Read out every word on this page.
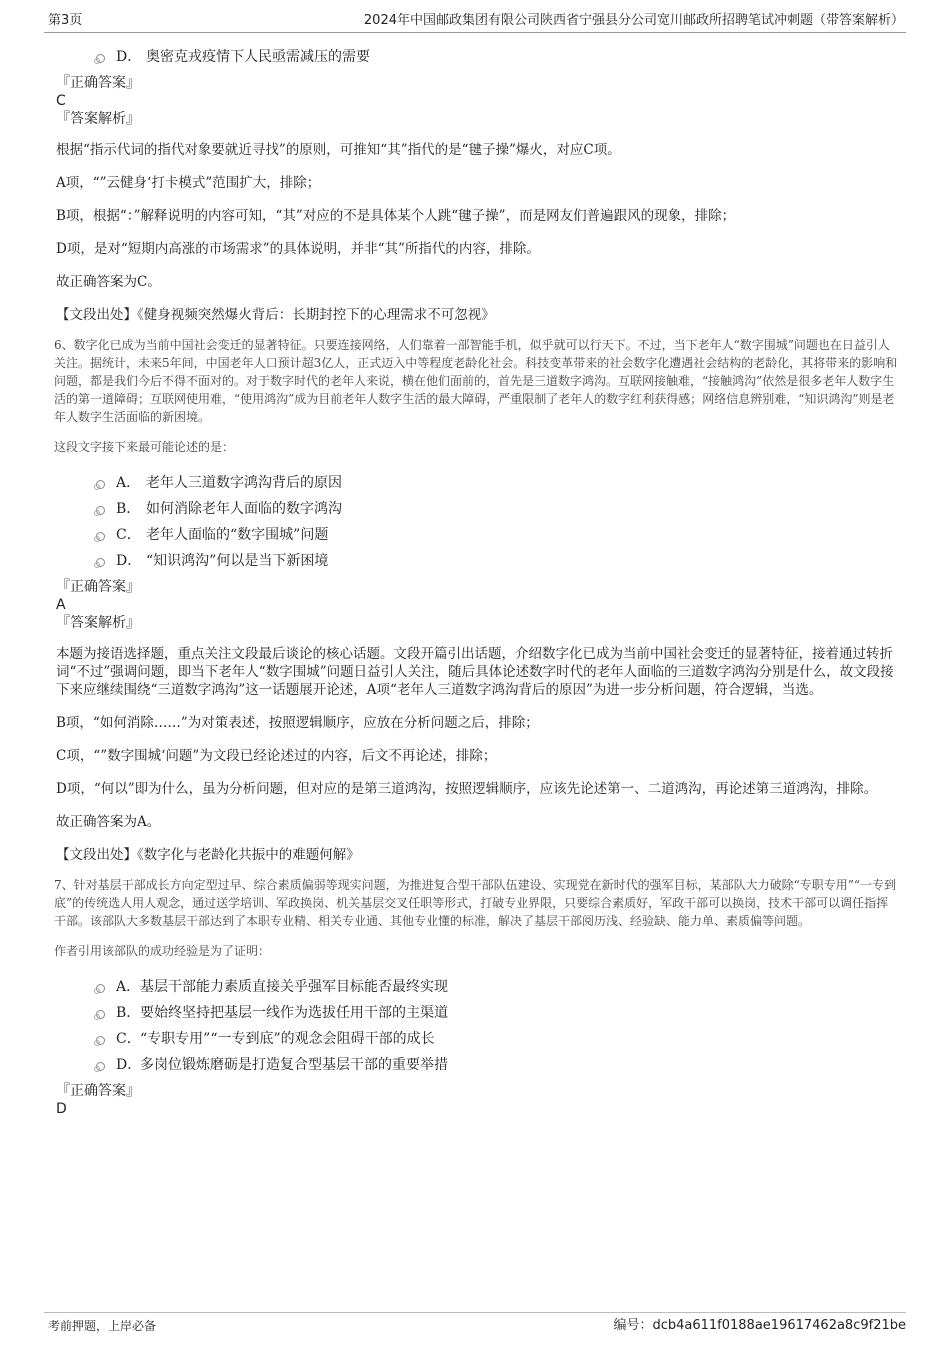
第3页	2024年中国邮政集团有限公司陕西省宁强县分公司宽川邮政所招聘笔试冲刺题（带答案解析）
D． 奥密克戎疫情下人民亟需减压的需要
『正确答案』
C
『答案解析』
根据“指示代词的指代对象要就近寻找”的原则，可推知“其”指代的是“毽子操”爆火，对应C项。
A项，“”云健身‘打卡模式”范围扩大，排除；
B项，根据“：”解释说明的内容可知，“其”对应的不是具体某个人跳“毽子操”，而是网友们普遍跟风的现象，排除；
D项，是对“短期内高涨的市场需求”的具体说明，并非“其”所指代的内容，排除。
故正确答案为C。
【文段出处】《健身视频突然爆火背后：长期封控下的心理需求不可忽视》

6、数字化已成为当前中国社会变迁的显著特征。只要连接网络，人们靠着一部智能手机，似乎就可以行天下。不过，当下老年人“数字围城”问题也在日益引人关注。据统计，未来5年间，中国老年人口预计超3亿人，正式迈入中等程度老龄化社会。科技变革带来的社会数字化遭遇社会结构的老龄化，其将带来的影响和问题，都是我们今后不得不面对的。对于数字时代的老年人来说，横在他们面前的，首先是三道数字鸿沟。互联网接触难，“接触鸿沟”依然是很多老年人数字生活的第一道障碍；互联网使用难，“使用鸿沟”成为目前老年人数字生活的最大障碍，严重限制了老年人的数字红利获得感；网络信息辨别难，“知识鸿沟”则是老年人数字生活面临的新困境。

这段文字接下来最可能论述的是：
A． 老年人三道数字鸿沟背后的原因
B． 如何消除老年人面临的数字鸿沟
C． 老年人面临的“数字围城”问题
D． “知识鸿沟”何以是当下新困境
『正确答案』
A
『答案解析』
本题为接语选择题，重点关注文段最后谈论的核心话题。文段开篇引出话题，介绍数字化已成为当前中国社会变迁的显著特征，接着通过转折词“不过”强调问题，即当下老年人“数字围城”问题日益引人关注，随后具体论述数字时代的老年人面临的三道数字鸿沟分别是什么，故文段接下来应继续围绕“三道数字鸿沟”这一话题展开论述，A项“老年人三道数字鸿沟背后的原因”为进一步分析问题，符合逻辑，当选。
B项，“如何消除……”为对策表述，按照逻辑顺序，应放在分析问题之后，排除；
C项，“”数字围城‘问题”为文段已经论述过的内容，后文不再论述，排除；
D项，“何以”即为什么，虽为分析问题，但对应的是第三道鸿沟，按照逻辑顺序，应该先论述第一、二道鸿沟，再论述第三道鸿沟，排除。
故正确答案为A。
【文段出处】《数字化与老龄化共振中的难题何解》

7、针对基层干部成长方向定型过早、综合素质偏弱等现实问题，为推进复合型干部队伍建设、实现党在新时代的强军目标，某部队大力破除“专职专用”“一专到底”的传统选人用人观念，通过送学培训、军政换岗、机关基层交叉任职等形式，打破专业界限，只要综合素质好，军政干部可以换岗，技术干部可以调任指挥干部。该部队大多数基层干部达到了本职专业精、相关专业通、其他专业懂的标准，解决了基层干部阅历浅、经验缺、能力单、素质偏等问题。

作者引用该部队的成功经验是为了证明：
A． 基层干部能力素质直接关乎强军目标能否最终实现
B． 要始终坚持把基层一线作为选拔任用干部的主渠道
C． “专职专用”“一专到底”的观念会阻碍干部的成长
D．
多岗位锻炼磨砺是打造复合型基层干部的重要举措
『正确答案』
D
考前押题，上岸必备	编号：dcb4a611f0188ae19617462a8c9f21be
